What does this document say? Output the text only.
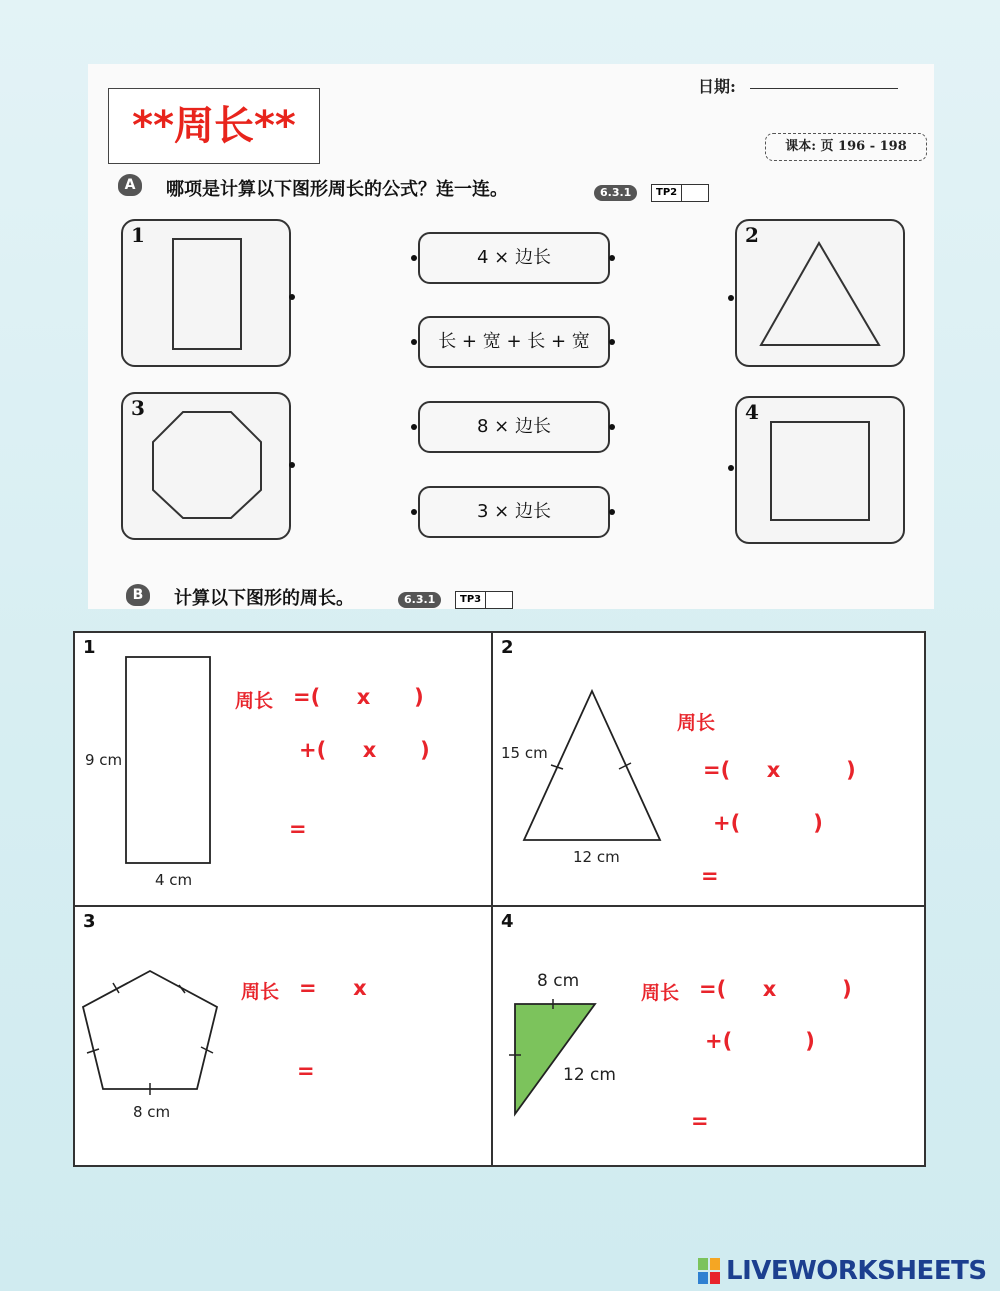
**周长**
日期:
课本: 页 196 - 198
A	哪项是计算以下图形周长的公式？连一连。	6.3.1	TP2
1	2
3	4
4 × 边长
长 + 宽 + 长 + 宽
8 × 边长
3 × 边长
B	计算以下图形的周长。	6.3.1	TP3
1
9 cm
4 cm
周长 =(     x      )
+(     x      )
=
2
15 cm
12 cm
周长
=(     x         )
+(          )
=
3
8 cm
周长 =     x
=
4
8 cm
12 cm
周长 =(     x         )
+(          )
=
LIVEWORKSHEETS
